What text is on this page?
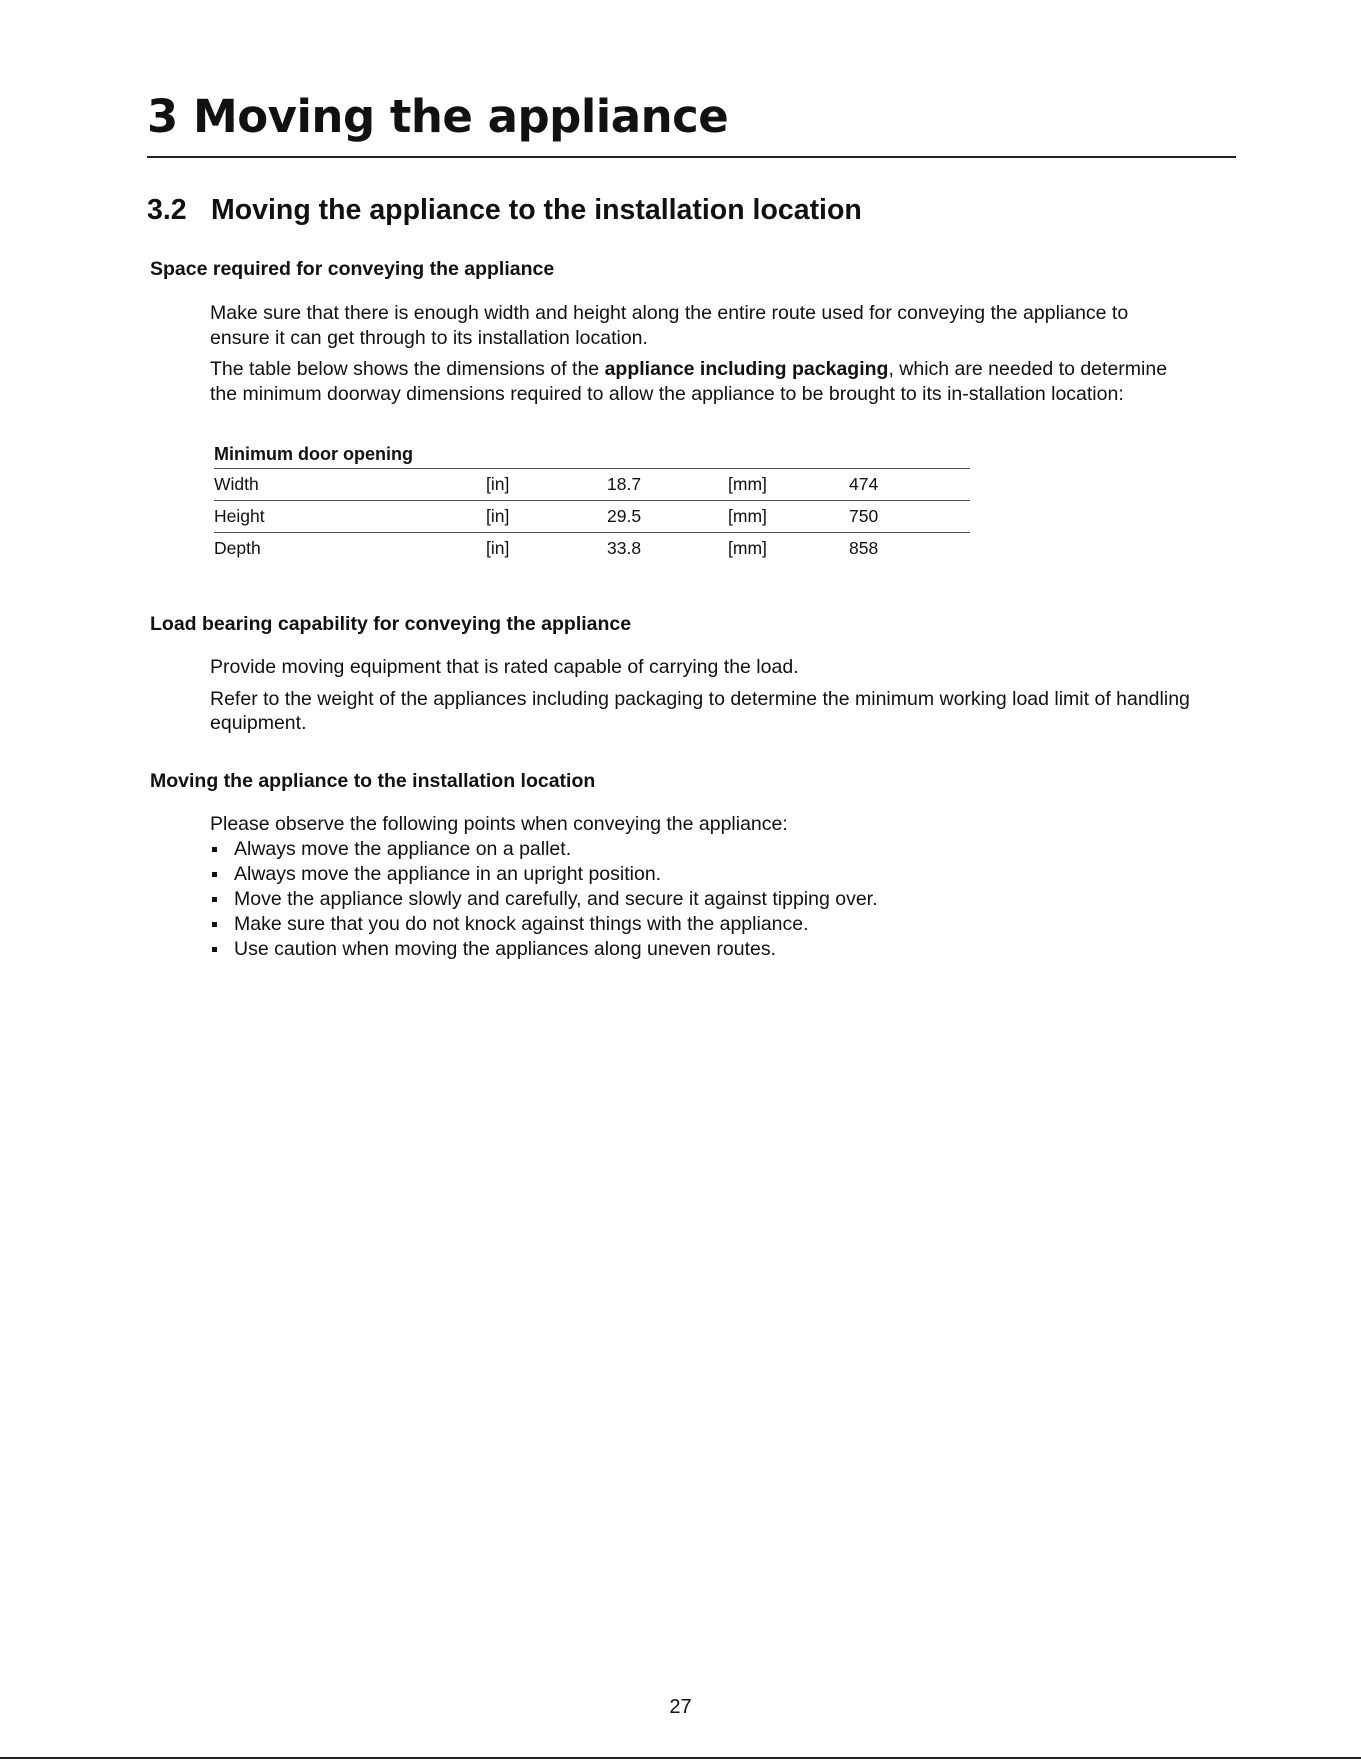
3 Moving the appliance
3.2 Moving the appliance to the installation location
Space required for conveying the appliance

Make sure that there is enough width and height along the entire route used for conveying the appliance to ensure it can get through to its installation location.

The table below shows the dimensions of the appliance including packaging, which are needed to determine the minimum doorway dimensions required to allow the appliance to be brought to its in-stallation location:

Minimum door opening
Width	[in]	18.7	[mm]	474
Height	[in]	29.5	[mm]	750
Depth	[in]	33.8	[mm]	858
Load bearing capability for conveying the appliance

Provide moving equipment that is rated capable of carrying the load.

Refer to the weight of the appliances including packaging to determine the minimum working load limit of handling equipment.

Moving the appliance to the installation location

Please observe the following points when conveying the appliance:

Always move the appliance on a pallet.
Always move the appliance in an upright position.
Move the appliance slowly and carefully, and secure it against tipping over.
Make sure that you do not knock against things with the appliance.
Use caution when moving the appliances along uneven routes.
27
